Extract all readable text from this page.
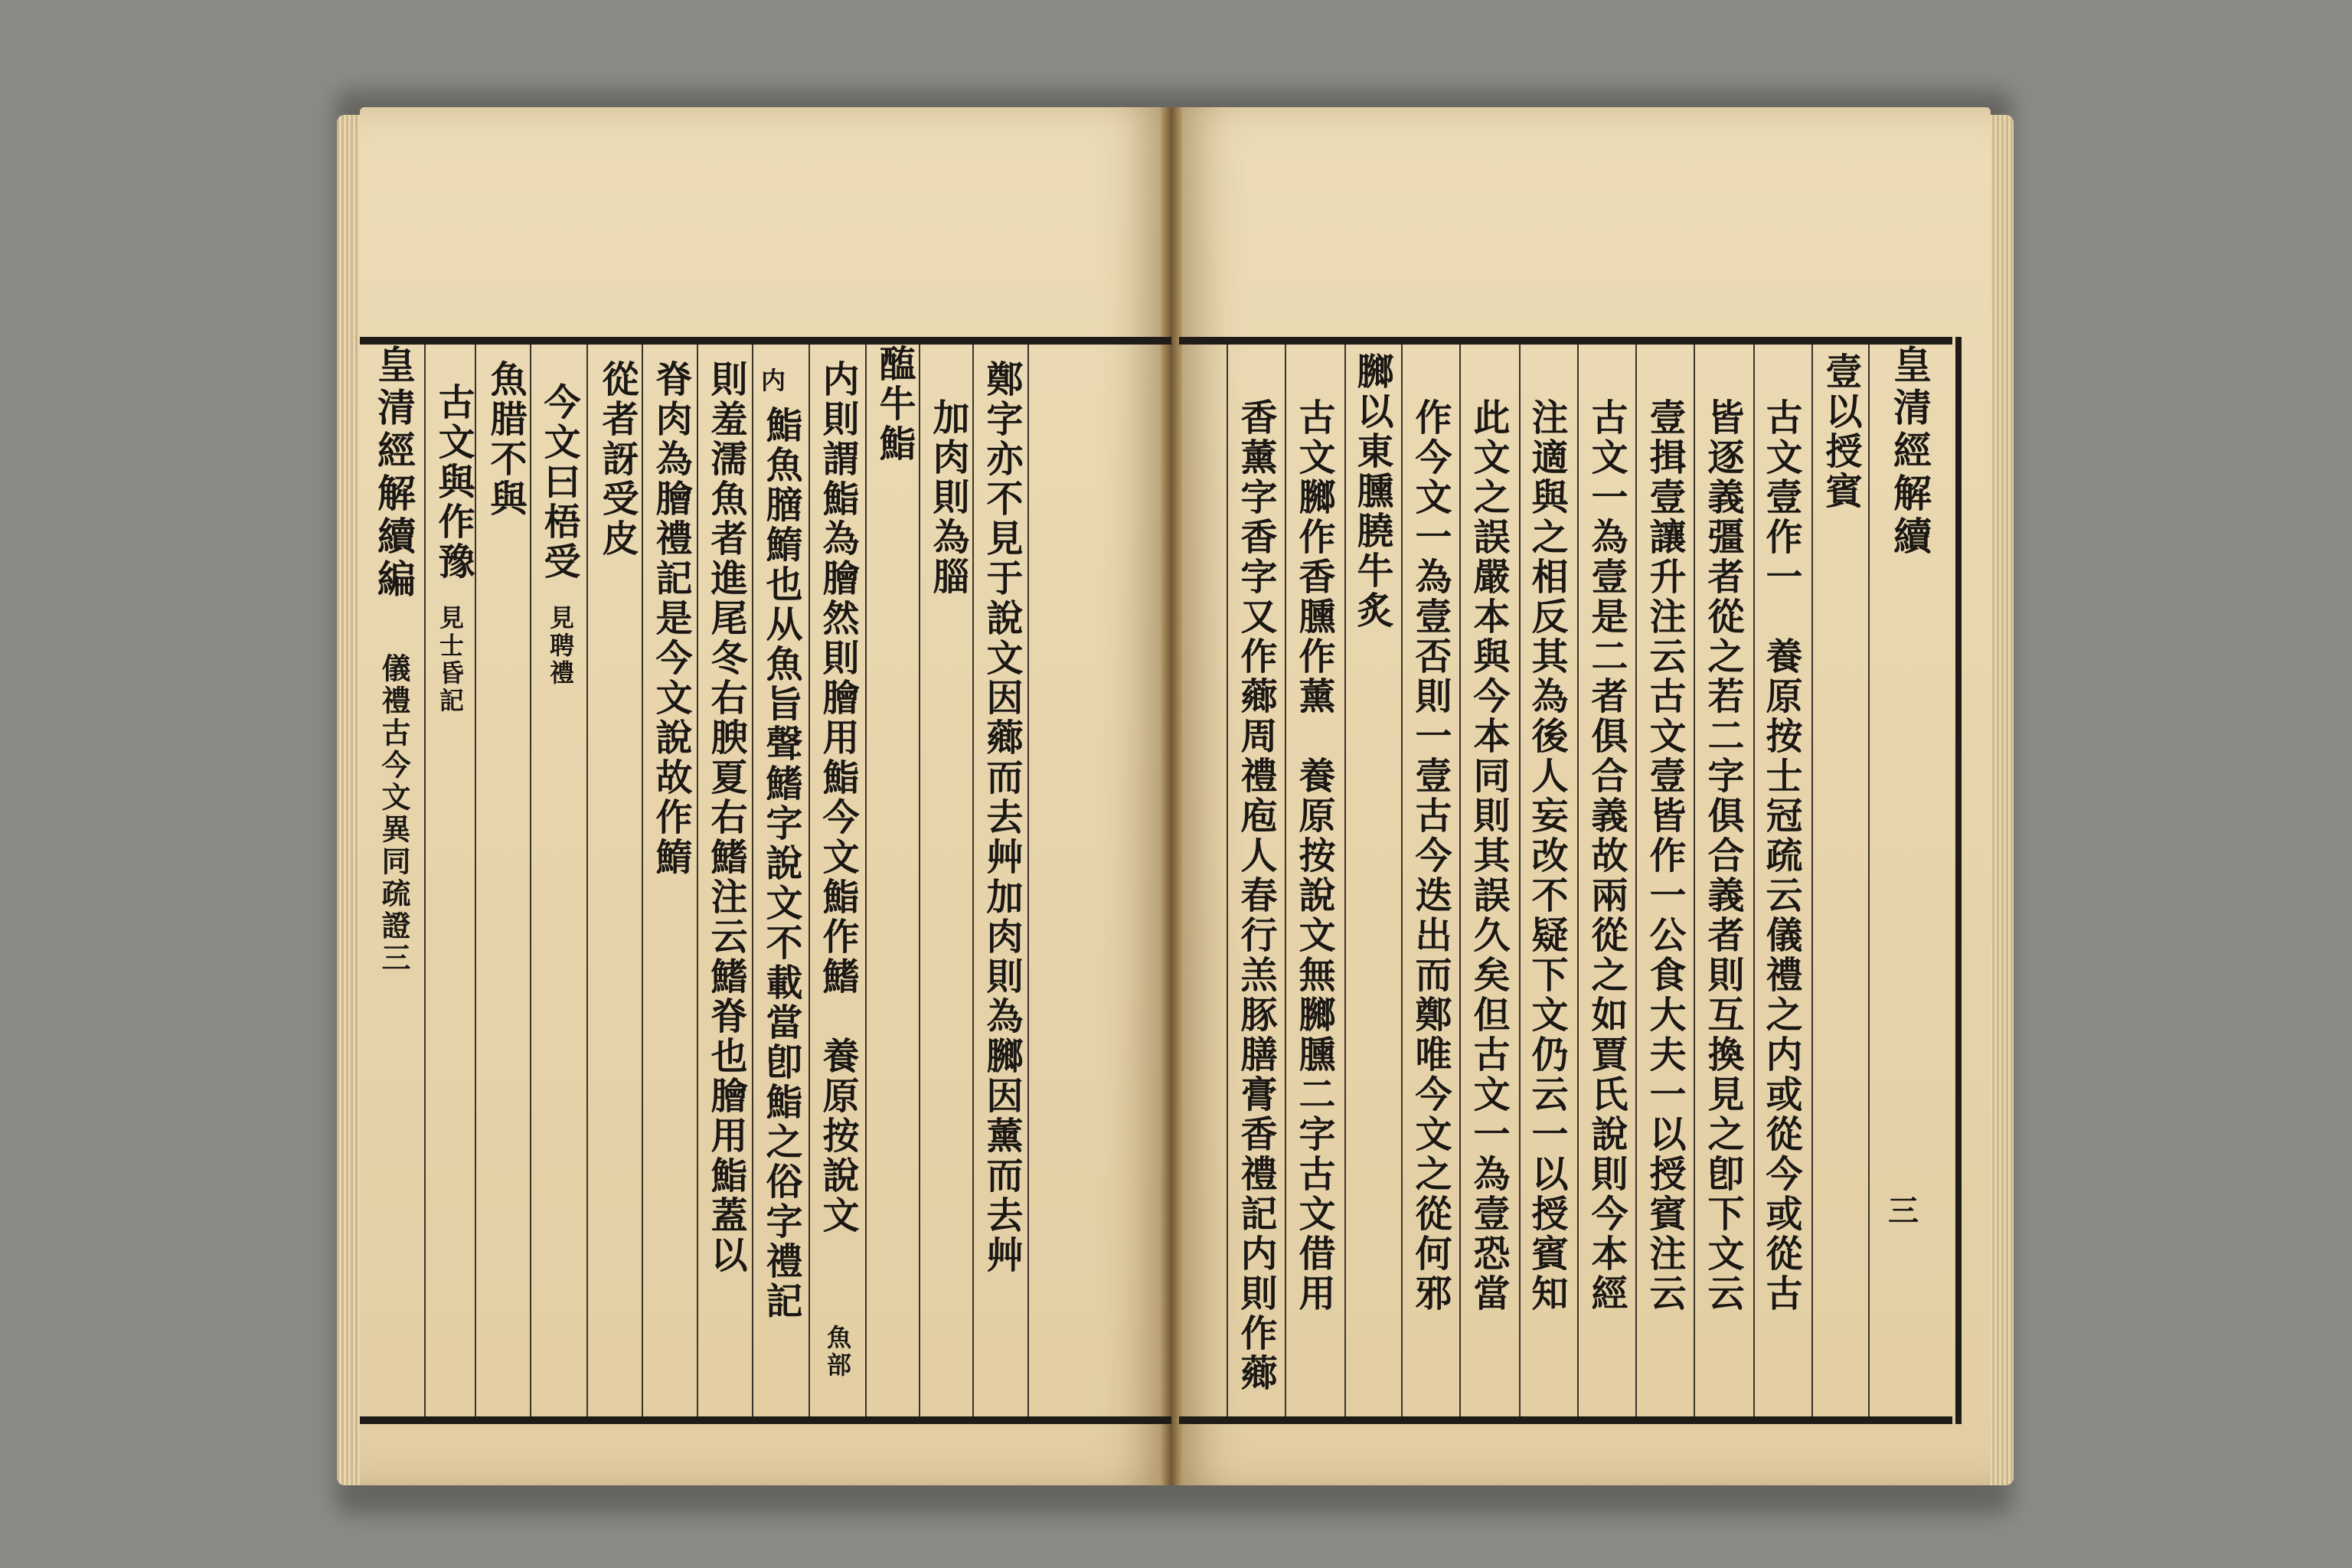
皇清經解續編  儀禮古今文異同疏證三
古文與作豫
見士昏記
魚腊不與 今文曰梧受
見聘禮
從者訝受皮 脊肉為膾禮記是今文說故作鰖 則羞濡魚者進尾冬右腴夏右鰭注云鰭脊也膾用鮨蓋以 内
鮨魚膪鰖也从魚旨聲鰭字說文不載當卽鮨之俗字禮記 内則謂鮨為膾然則膾用鮨今文鮨作鰭　養原按說文
魚部
醢牛鮨 加肉則為䐉 鄭字亦不見于說文因薌而去艸加肉則為膷因薰而去艸	香薰字香字又作薌周禮庖人春行羔豚膳膏香禮記内則作薌 古文膷作香臐作薰　養原按說文無膷臐二字古文借用 膷以東臐膮牛炙 作今文一為壹否則一壹古今迭出而鄭唯今文之從何邪 此文之誤嚴本與今本同則其誤久矣但古文一為壹恐當 注適與之相反其為後人妄改不疑下文仍云一以授賓知 古文一為壹是二者俱合義故兩從之如賈氏說則今本經 壹揖壹讓升注云古文壹皆作一公食大夫一以授賓注云 皆逐義彊者從之若二字俱合義者則互換見之卽下文云 古文壹作一　養原按士冠疏云儀禮之内或從今或從古 壹以授賓 皇清經解續
三
